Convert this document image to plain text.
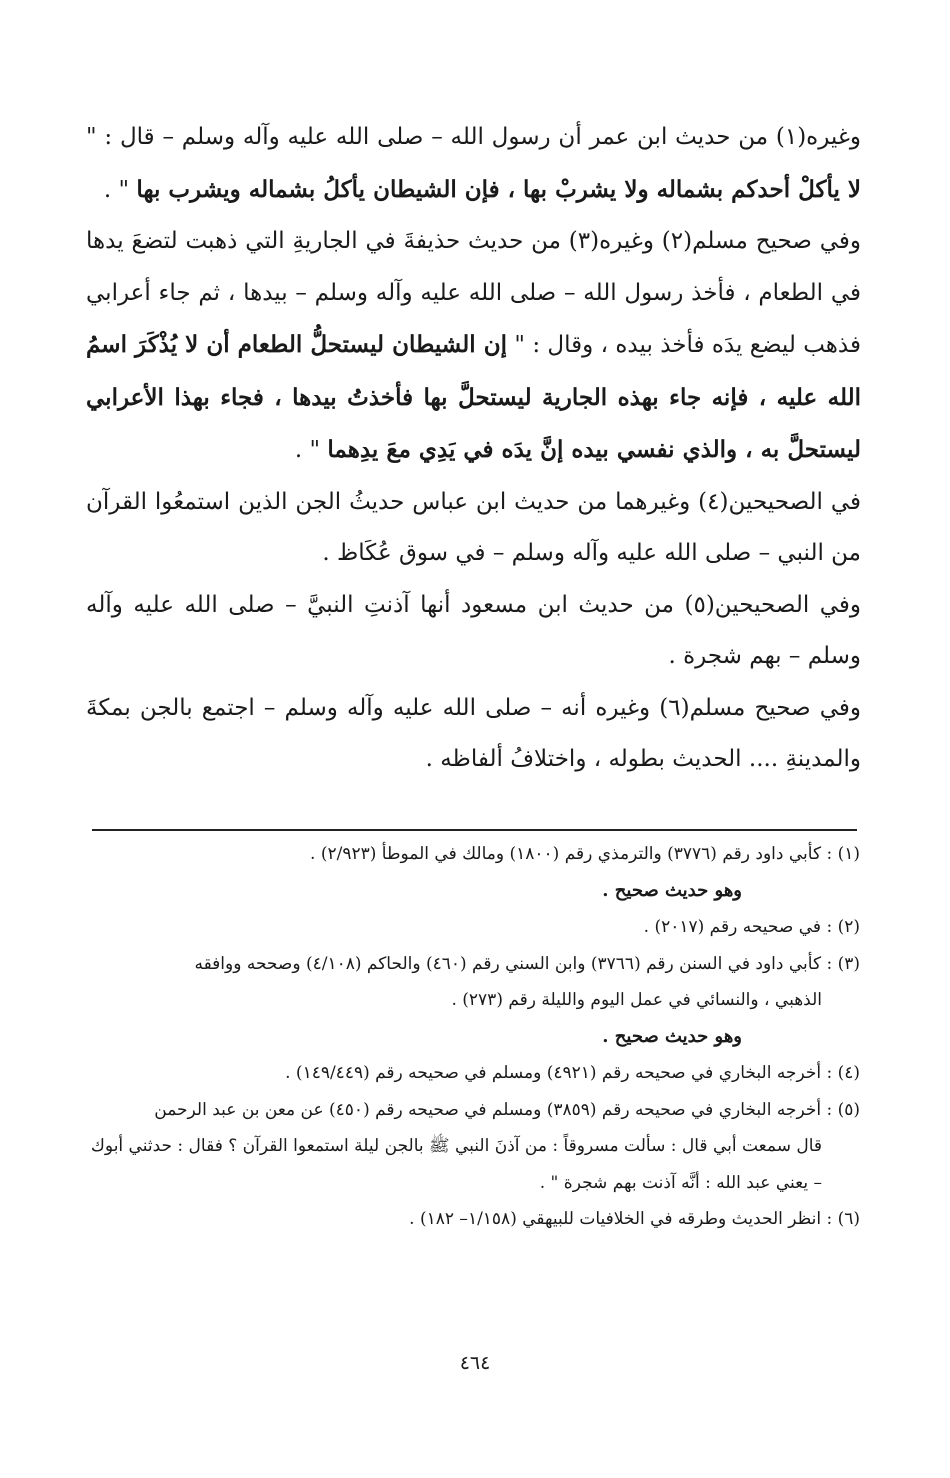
وغيره(١) من حديث ابن عمر أن رسول الله – صلى الله عليه وآله وسلم – قال : " لا يأكلْ أحدكم بشماله ولا يشربْ بها ، فإن الشيطان يأكلُ بشماله ويشرب بها " .

وفي صحيح مسلم(٢) وغيره(٣) من حديث حذيفةَ في الجاريةِ التي ذهبت لتضعَ يدها في الطعام ، فأخذ رسول الله – صلى الله عليه وآله وسلم – بيدها ، ثم جاء أعرابي فذهب ليضع يدَه فأخذ بيده ، وقال : " إن الشيطان ليستحلُّ الطعام أن لا يُذْكَرَ اسمُ الله عليه ، فإنه جاء بهذه الجارية ليستحلَّ بها فأخذتُ بيدها ، فجاء بهذا الأعرابي ليستحلَّ به ، والذي نفسي بيده إنَّ يدَه في يَدِي معَ يدِهما " .

في الصحيحين(٤) وغيرهما من حديث ابن عباس حديثُ الجن الذين استمعُوا القرآن من النبي – صلى الله عليه وآله وسلم – في سوق عُكَاظ .

وفي الصحيحين(٥) من حديث ابن مسعود أنها آذنتِ النبيَّ – صلى الله عليه وآله وسلم – بهم شجرة .

وفي صحيح مسلم(٦) وغيره أنه – صلى الله عليه وآله وسلم – اجتمع بالجن بمكةَ والمدينةِ .... الحديث بطوله ، واختلافُ ألفاظه .

(١) : كأبي داود رقم (٣٧٧٦) والترمذي رقم (١٨٠٠) ومالك في الموطأ (٢/٩٢٣) .

وهو حديث صحيح .

(٢) : في صحيحه رقم (٢٠١٧) .

(٣) : كأبي داود في السنن رقم (٣٧٦٦) وابن السني رقم (٤٦٠) والحاكم (٤/١٠٨) وصححه ووافقه

الذهبي ، والنسائي في عمل اليوم والليلة رقم (٢٧٣) .

وهو حديث صحيح .

(٤) : أخرجه البخاري في صحيحه رقم (٤٩٢١) ومسلم في صحيحه رقم (١٤٩/٤٤٩) .

(٥) : أخرجه البخاري في صحيحه رقم (٣٨٥٩) ومسلم في صحيحه رقم (٤٥٠) عن معن بن عبد الرحمن

قال سمعت أبي قال : سألت مسروقاً : من آذنَ النبي ﷺ بالجن ليلة استمعوا القرآن ؟ فقال : حدثني أبوك

– يعني عبد الله : أنَّه آذنت بهم شجرة " .

(٦) : انظر الحديث وطرقه في الخلافيات للبيهقي (١/١٥٨– ١٨٢) .

٤٦٤
